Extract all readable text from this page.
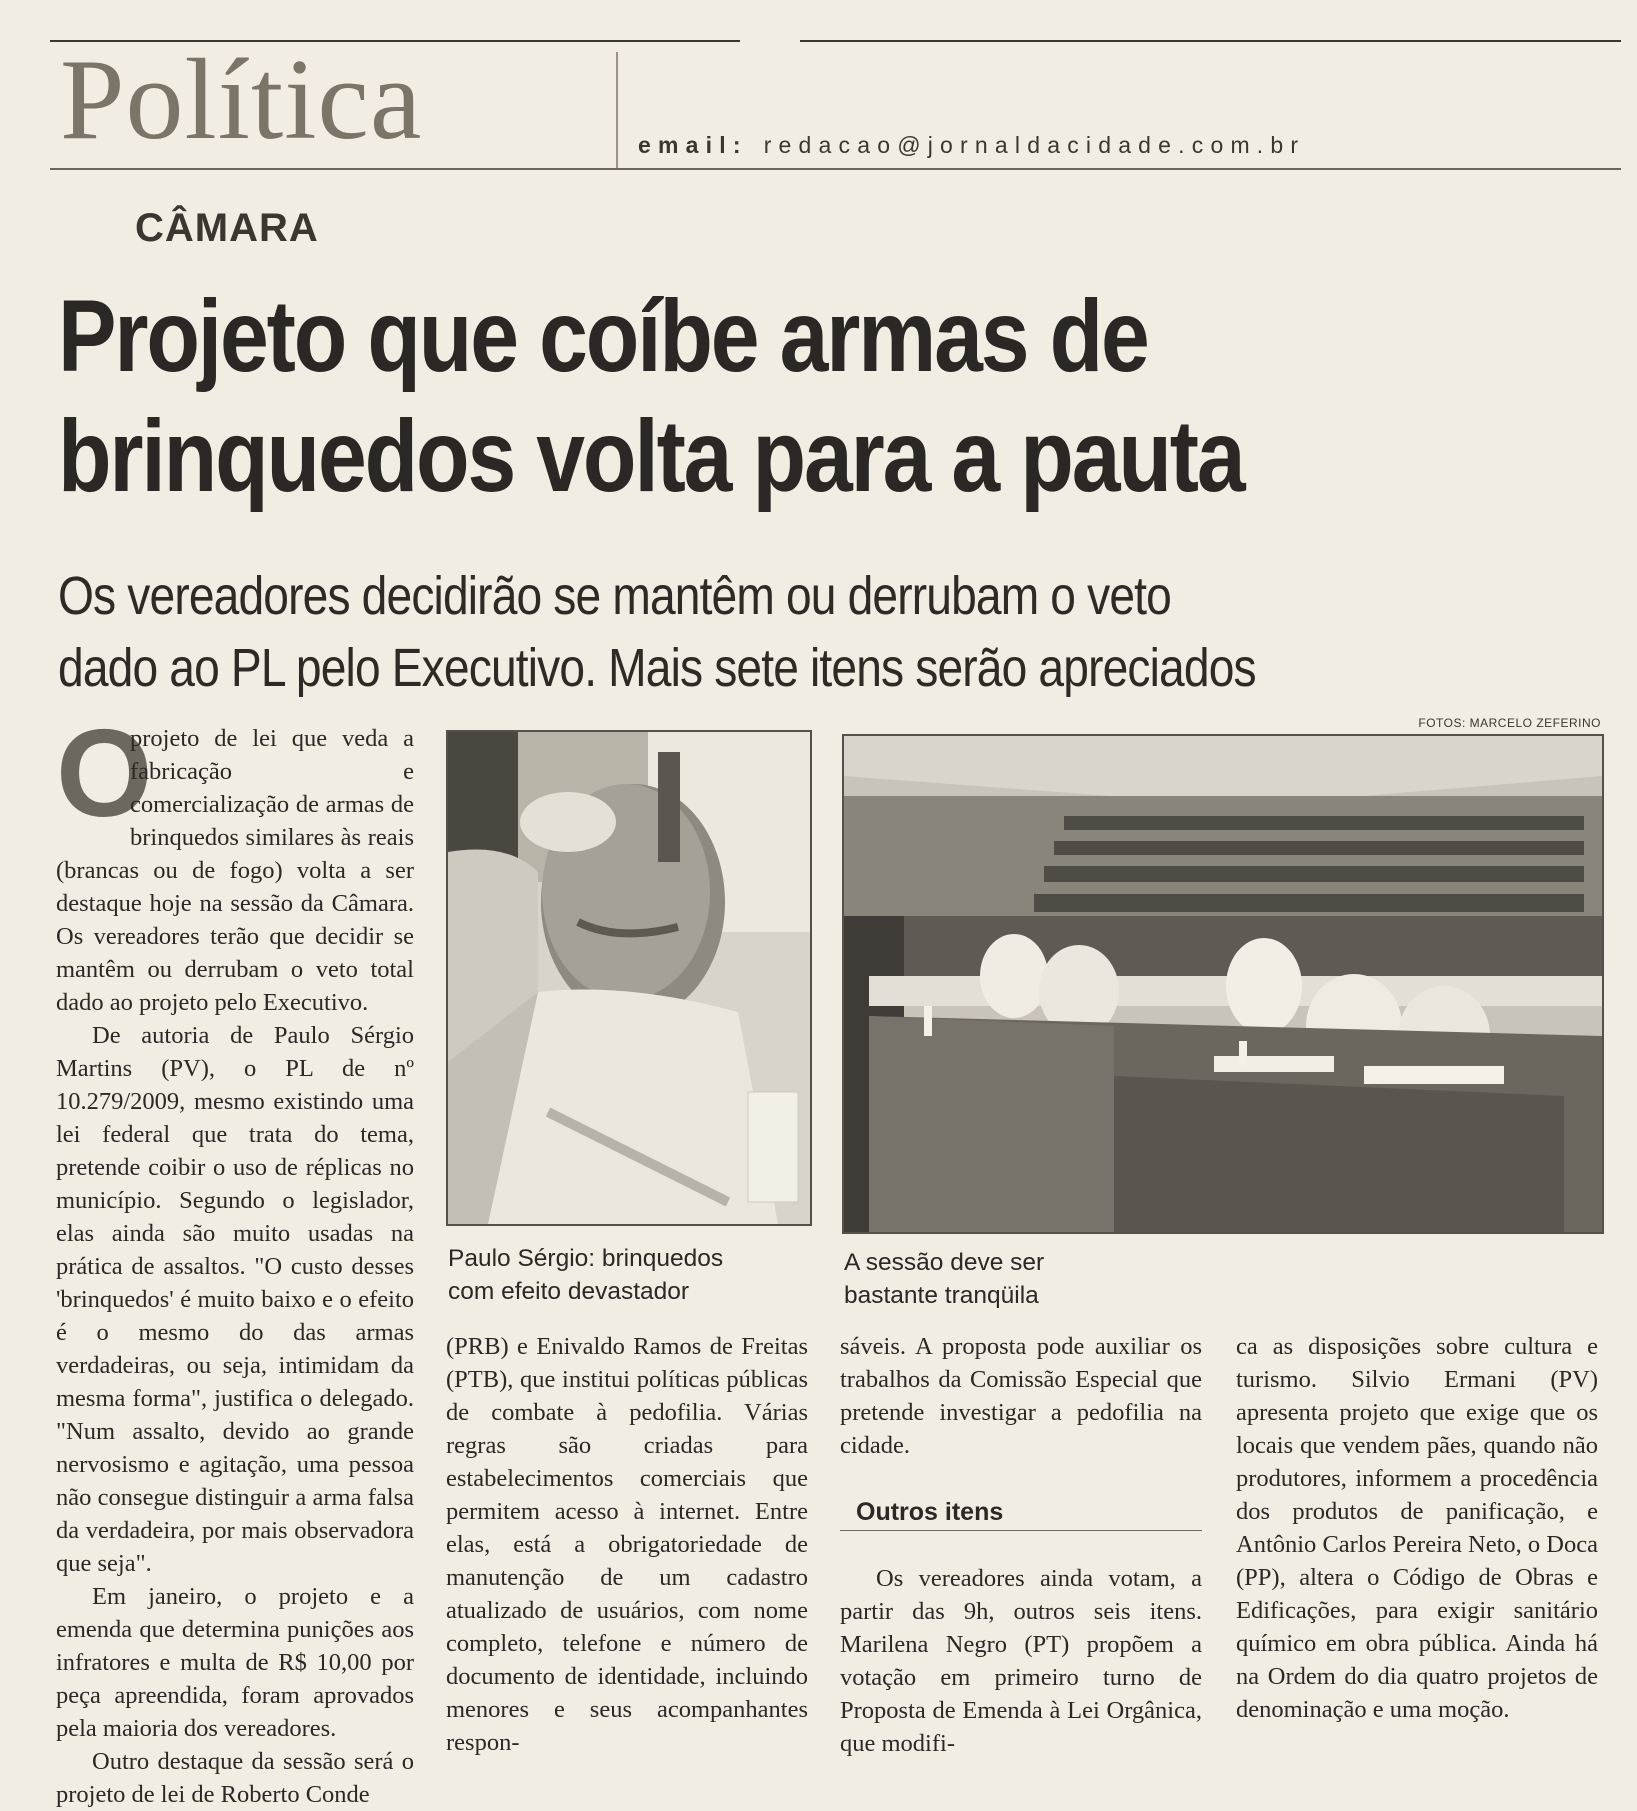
Política	email: redacao@jornaldacidade.com.br
CÂMARA
Projeto que coíbe armas de
brinquedos volta para a pauta
Os vereadores decidirão se mantêm ou derrubam o veto
dado ao PL pelo Executivo. Mais sete itens serão apreciados
FOTOS: MARCELO ZEFERINO

O
projeto de lei que veda a fabricação e comercialização de armas de brinquedos similares às reais (brancas ou de fogo) volta a ser destaque hoje na sessão da Câmara. Os vereadores terão que decidir se mantêm ou derrubam o veto total dado ao projeto pelo Executivo.

De autoria de Paulo Sérgio Martins (PV), o PL de nº 10.279/2009, mesmo existindo uma lei federal que trata do tema, pretende coibir o uso de réplicas no município. Segundo o legislador, elas ainda são muito usadas na prática de assaltos. "O custo desses 'brinquedos' é muito baixo e o efeito é o mesmo do das armas verdadeiras, ou seja, intimidam da mesma forma", justifica o delegado. "Num assalto, devido ao grande nervosismo e agitação, uma pessoa não consegue distinguir a arma falsa da verdadeira, por mais observadora que seja".

Em janeiro, o projeto e a emenda que determina punições aos infratores e multa de R$ 10,00 por peça apreendida, foram aprovados pela maioria dos vereadores.

Outro destaque da sessão será o projeto de lei de Roberto Conde

Paulo Sérgio: brinquedos
com efeito devastador
A sessão deve ser
bastante tranqüila

(PRB) e Enivaldo Ramos de Freitas (PTB), que institui políticas públicas de combate à pedofilia. Várias regras são criadas para estabelecimentos comerciais que permitem acesso à internet. Entre elas, está a obrigatoriedade de manutenção de um cadastro atualizado de usuários, com nome completo, telefone e número de documento de identidade, incluindo menores e seus acompanhantes respon-

sáveis. A proposta pode auxiliar os trabalhos da Comissão Especial que pretende investigar a pedofilia na cidade.

Outros itens

Os vereadores ainda votam, a partir das 9h, outros seis itens. Marilena Negro (PT) propõem a votação em primeiro turno de Proposta de Emenda à Lei Orgânica, que modifi-

ca as disposições sobre cultura e turismo. Silvio Ermani (PV) apresenta projeto que exige que os locais que vendem pães, quando não produtores, informem a procedência dos produtos de panificação, e Antônio Carlos Pereira Neto, o Doca (PP), altera o Código de Obras e Edificações, para exigir sanitário químico em obra pública. Ainda há na Ordem do dia quatro projetos de denominação e uma moção.
